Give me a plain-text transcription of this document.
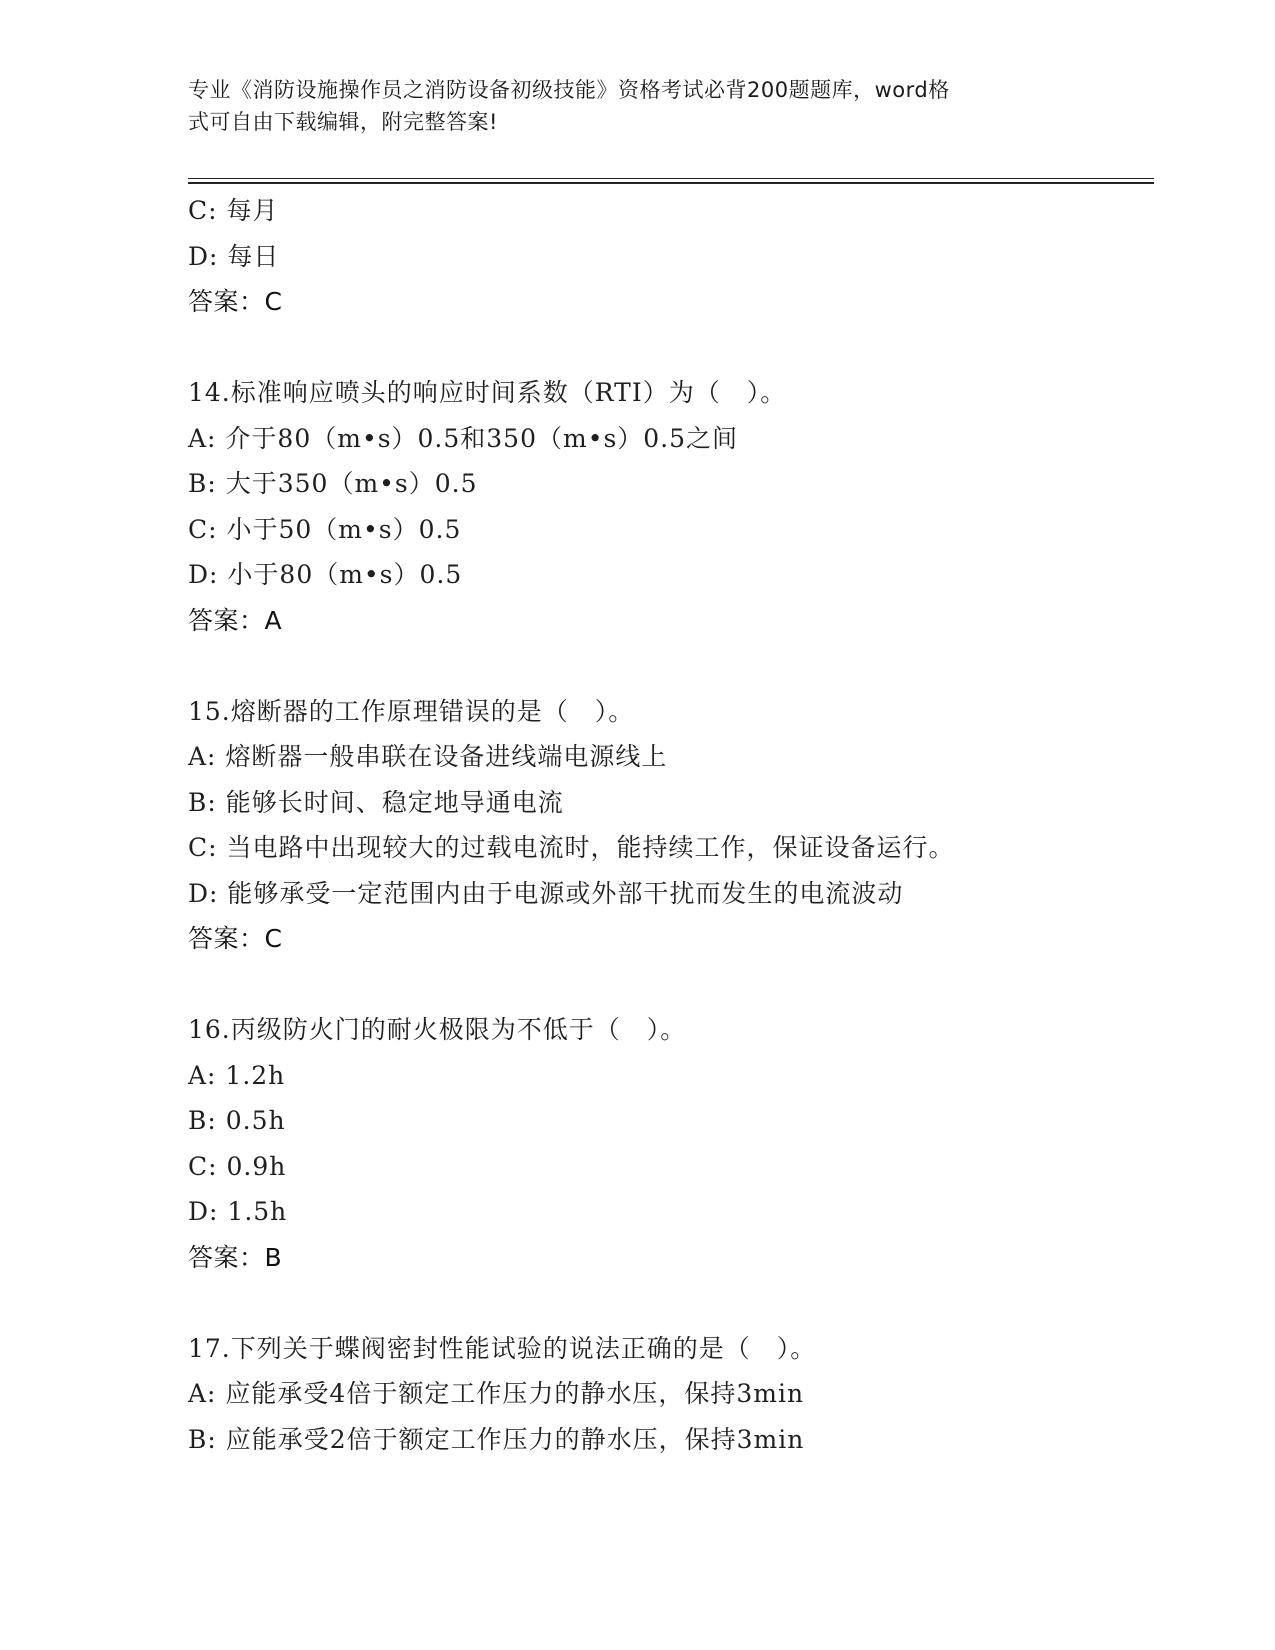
专业《消防设施操作员之消防设备初级技能》资格考试必背200题题库，word格
式可自由下载编辑，附完整答案!
C: 每月
D: 每日
答案：C
14.标准响应喷头的响应时间系数（RTI）为（　）。
A: 介于80（m•s）0.5和350（m•s）0.5之间
B: 大于350（m•s）0.5
C: 小于50（m•s）0.5
D: 小于80（m•s）0.5
答案：A
15.熔断器的工作原理错误的是（　）。
A: 熔断器一般串联在设备进线端电源线上
B: 能够长时间、稳定地导通电流
C: 当电路中出现较大的过载电流时，能持续工作，保证设备运行。
D: 能够承受一定范围内由于电源或外部干扰而发生的电流波动
答案：C
16.丙级防火门的耐火极限为不低于（　）。
A: 1.2h
B: 0.5h
C: 0.9h
D: 1.5h
答案：B
17.下列关于蝶阀密封性能试验的说法正确的是（　）。
A: 应能承受4倍于额定工作压力的静水压，保持3min
B: 应能承受2倍于额定工作压力的静水压，保持3min
